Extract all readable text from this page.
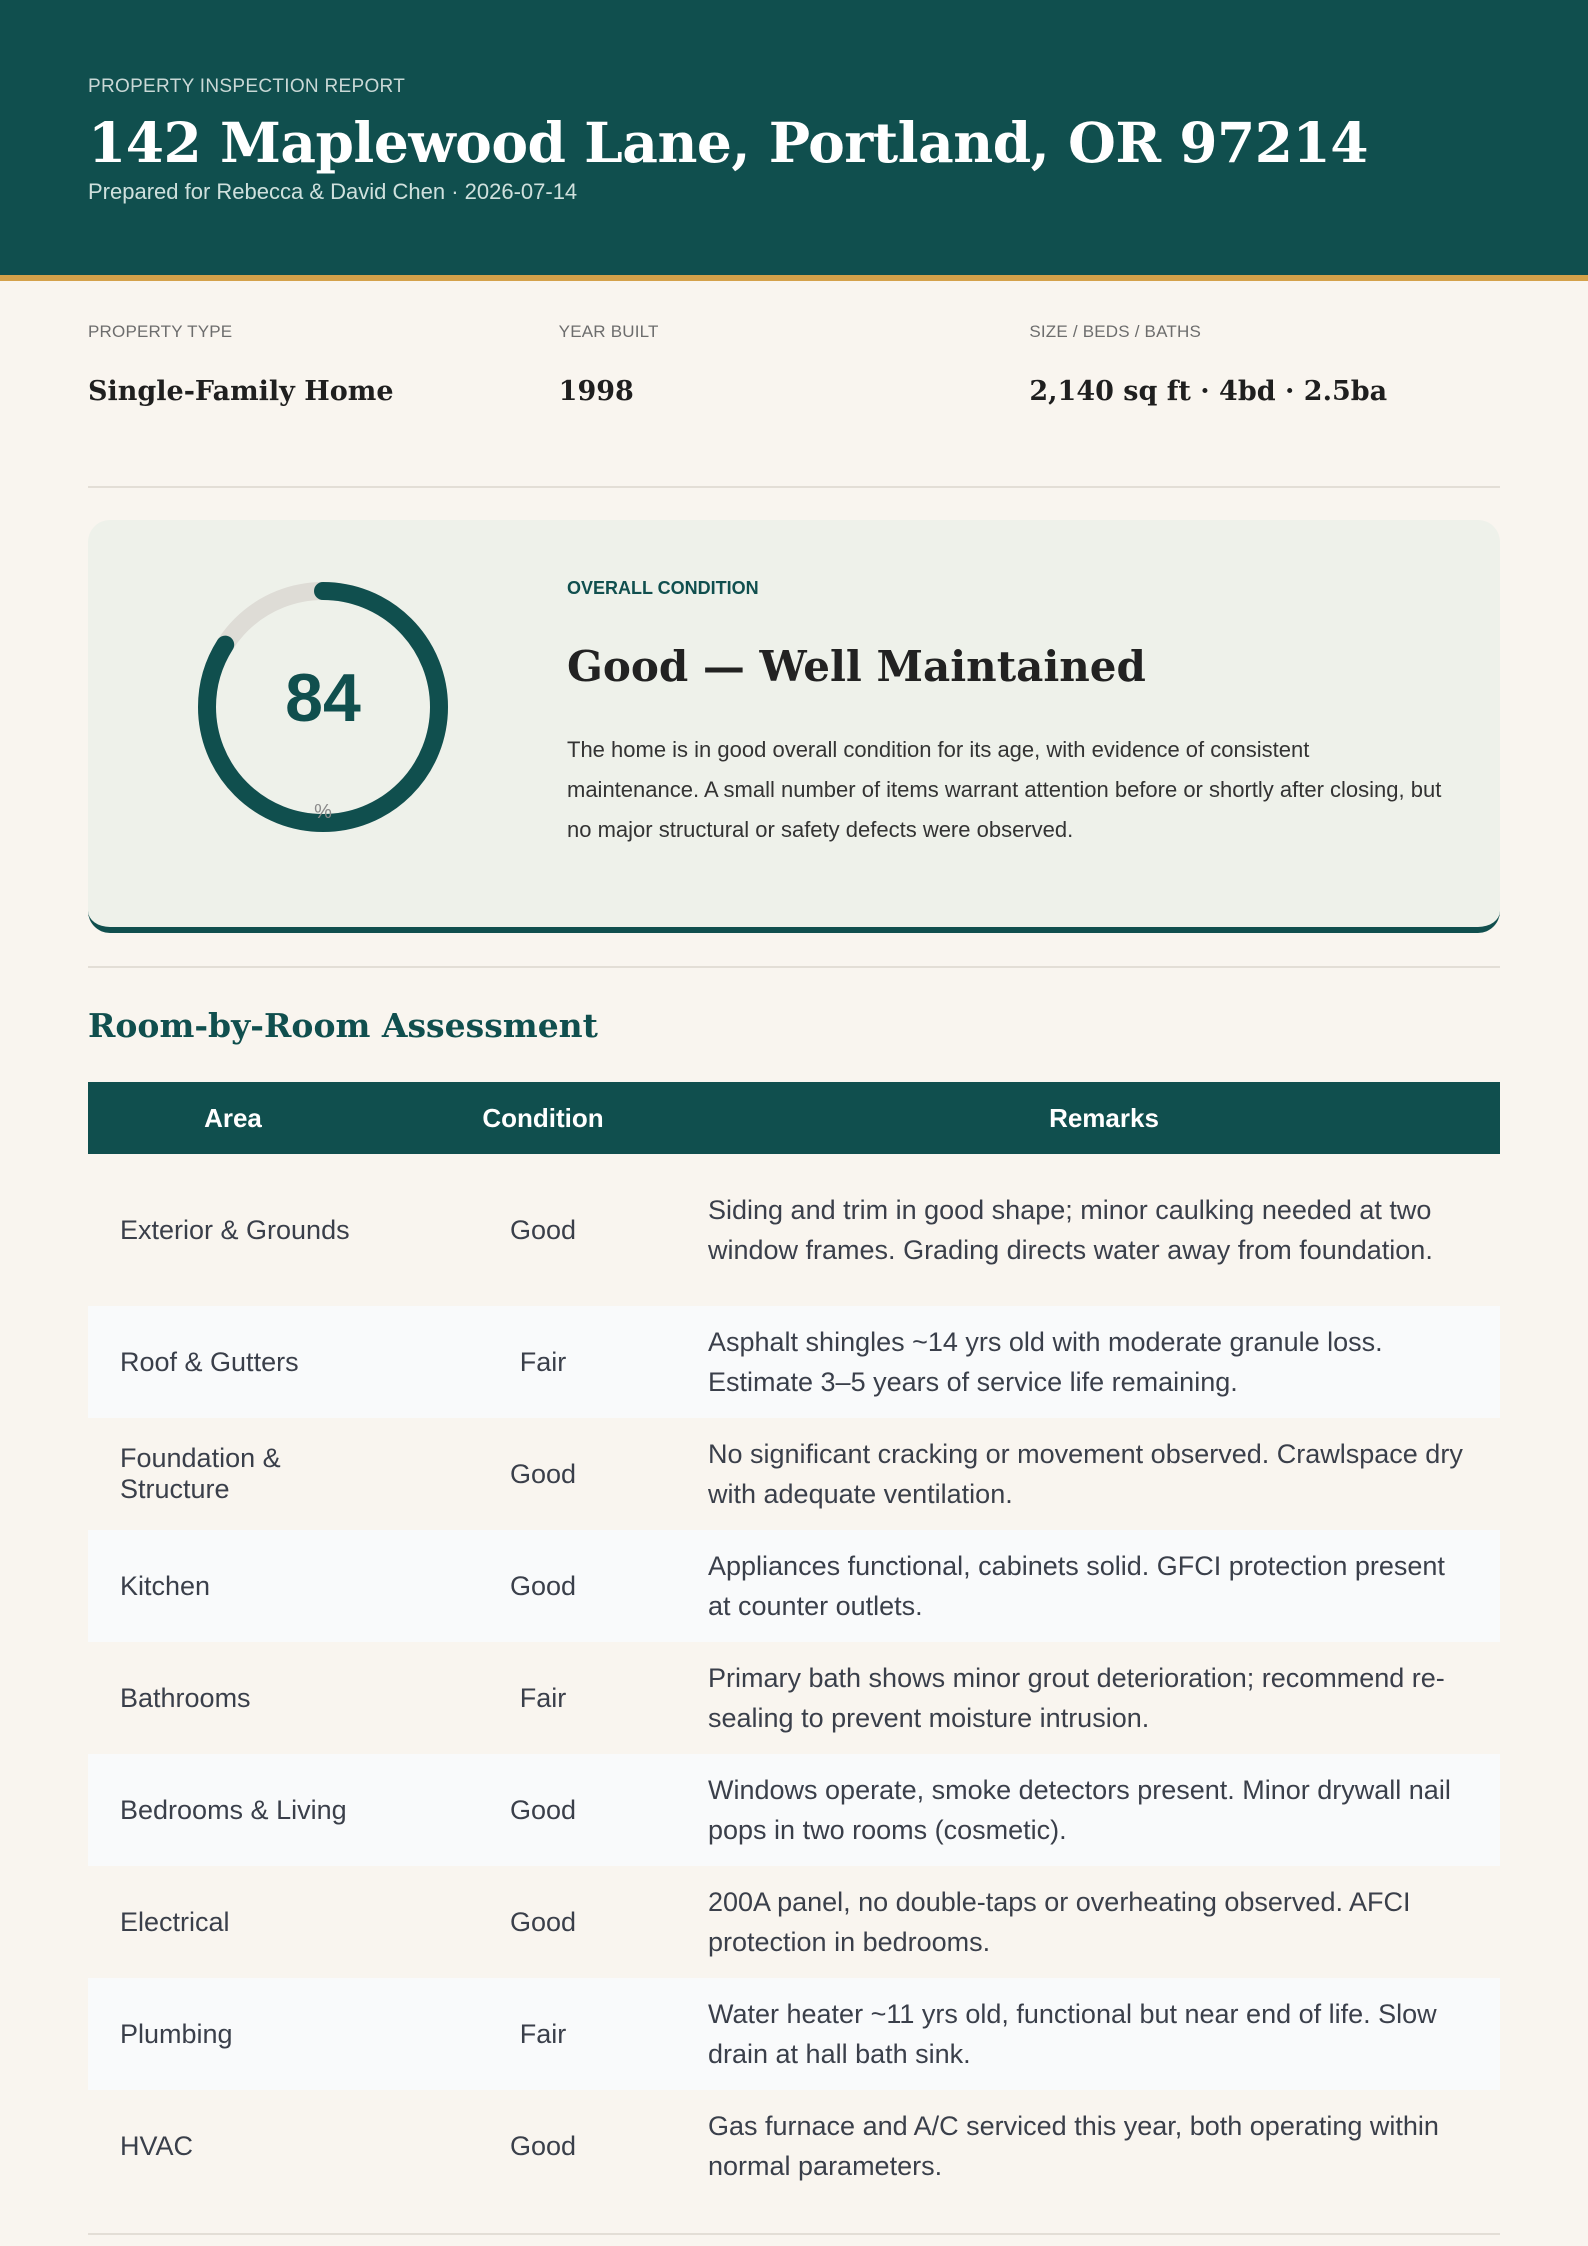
PROPERTY INSPECTION REPORT
142 Maplewood Lane, Portland, OR 97214
Prepared for Rebecca & David Chen · 2026-07-14
PROPERTY TYPE
Single-Family Home
YEAR BUILT
1998
SIZE / BEDS / BATHS
2,140 sq ft · 4bd · 2.5ba
84
%
OVERALL CONDITION
Good — Well Maintained
The home is in good overall condition for its age, with evidence of consistent maintenance. A small number of items warrant attention before or shortly after closing, but no major structural or safety defects were observed.
Room-by-Room Assessment
Area	Condition	Remarks
Exterior & Grounds	Good	Siding and trim in good shape; minor caulking needed at two window frames. Grading directs water away from foundation.
Roof & Gutters	Fair	Asphalt shingles ~14 yrs old with moderate granule loss. Estimate 3–5 years of service life remaining.
Foundation & Structure	Good	No significant cracking or movement observed. Crawlspace dry with adequate ventilation.
Kitchen	Good	Appliances functional, cabinets solid. GFCI protection present at counter outlets.
Bathrooms	Fair	Primary bath shows minor grout deterioration; recommend re-sealing to prevent moisture intrusion.
Bedrooms & Living	Good	Windows operate, smoke detectors present. Minor drywall nail pops in two rooms (cosmetic).
Electrical	Good	200A panel, no double-taps or overheating observed. AFCI protection in bedrooms.
Plumbing	Fair	Water heater ~11 yrs old, functional but near end of life. Slow drain at hall bath sink.
HVAC	Good	Gas furnace and A/C serviced this year, both operating within normal parameters.
